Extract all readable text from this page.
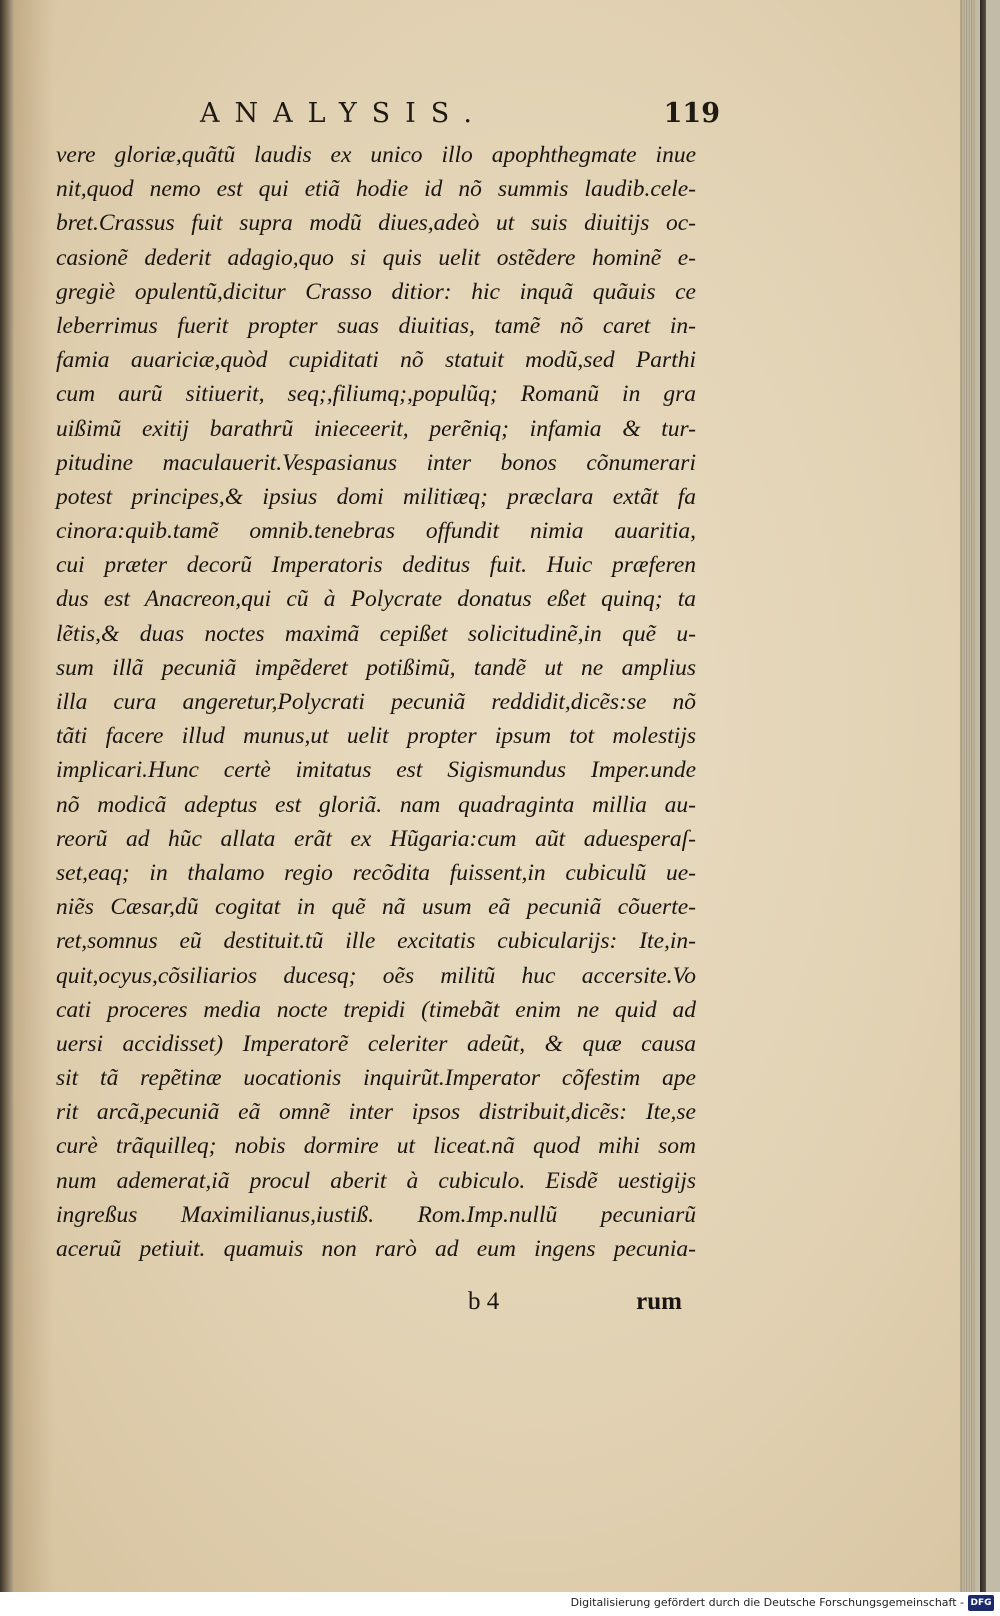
ANALYSIS.	119
vere gloriæ,quãtũ laudis ex unico illo apophthegmate inue
nit,quod nemo est qui etiã hodie id nõ summis laudib.cele-
bret.Crassus fuit supra modũ diues,adeò ut suis diuitijs oc-
casionẽ dederit adagio,quo si quis uelit ostẽdere hominẽ e-
gregiè opulentũ,dicitur Crasso ditior: hic inquã quãuis ce
leberrimus fuerit propter suas diuitias, tamẽ nõ caret in-
famia auariciæ,quòd cupiditati nõ statuit modũ,sed Parthi
cum aurũ sitiuerit, seq;,filiumq;,populũq; Romanũ in gra
uißimũ exitij barathrũ inieceerit, perẽniq; infamia & tur-
pitudine maculauerit.Vespasianus inter bonos cõnumerari
potest principes,& ipsius domi militiæq; præclara extãt fa
cinora:quib.tamẽ omnib.tenebras offundit nimia auaritia,
cui præter decorũ Imperatoris deditus fuit. Huic præferen
dus est Anacreon,qui cũ à Polycrate donatus eßet quinq; ta
lẽtis,& duas noctes maximã cepißet solicitudinẽ,in quẽ u-
sum illã pecuniã impẽderet potißimũ, tandẽ ut ne amplius
illa cura angeretur,Polycrati pecuniã reddidit,dicẽs:se nõ
tãti facere illud munus,ut uelit propter ipsum tot molestijs
implicari.Hunc certè imitatus est Sigismundus Imper.unde
nõ modicã adeptus est gloriã. nam quadraginta millia au-
reorũ ad hũc allata erãt ex Hũgaria:cum aũt aduesperaſ-
set,eaq; in thalamo regio recõdita fuissent,in cubiculũ ue-
niẽs Cæsar,dũ cogitat in quẽ nã usum eã pecuniã cõuerte-
ret,somnus eũ destituit.tũ ille excitatis cubicularijs: Ite,in-
quit,ocyus,cõsiliarios ducesq; oẽs militũ huc accersite.Vo
cati proceres media nocte trepidi (timebãt enim ne quid ad
uersi accidisset) Imperatorẽ celeriter adeũt, & quæ causa
sit tã repẽtinæ uocationis inquirũt.Imperator cõfestim ape
rit arcã,pecuniã eã omnẽ inter ipsos distribuit,dicẽs: Ite,se
curè trãquilleq; nobis dormire ut liceat.nã quod mihi som
num ademerat,iã procul aberit à cubiculo. Eisdẽ uestigijs
ingreßus Maximilianus,iustiß. Rom.Imp.nullũ pecuniarũ
aceruũ petiuit. quamuis non rarò ad eum ingens pecunia-
b 4	rum
Digitalisierung gefördert durch die Deutsche Forschungsgemeinschaft - DFG
